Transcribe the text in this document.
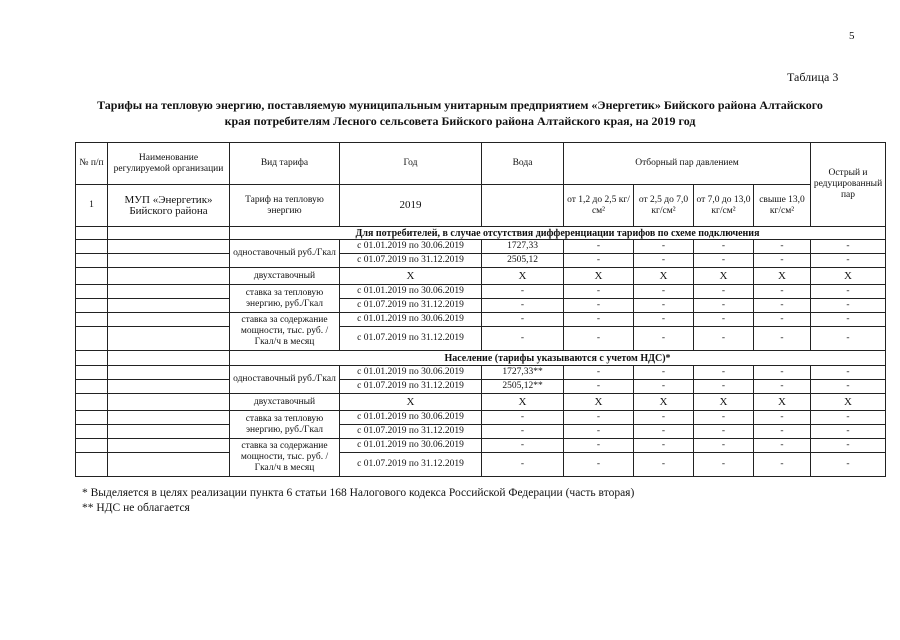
5
Таблица 3
Тарифы на тепловую энергию, поставляемую муниципальным унитарным предприятием «Энергетик» Бийского района Алтайского
края потребителям Лесного сельсовета Бийского района Алтайского края, на 2019 год
№ п/п	Наименование регулируемой организации	Вид тарифа	Год	Вода	Отборный пар давлением				Острый и редуцированный пар
1	МУП «Энергетик» Бийского района	Тариф на тепловую энергию	2019		от 1,2 до 2,5 кг/см²	от 2,5 до 7,0 кг/см²	от 7,0 до 13,0 кг/см²	свыше 13,0 кг/см²	
		Для потребителей, в случае отсутствия дифференциации тарифов по схеме подключения							
		одноставочный руб./Гкал	с 01.01.2019 по 30.06.2019	1727,33	-	-	-	-	-
			с 01.07.2019 по 31.12.2019	2505,12	-	-	-	-	-
		двухставочный	X	X	X	X	X	X	X
		ставка за тепловую энергию, руб./Гкал	с 01.01.2019 по 30.06.2019	-	-	-	-	-	-
			с 01.07.2019 по 31.12.2019	-	-	-	-	-	-
		ставка за содержание мощности, тыс. руб. /Гкал/ч в месяц	с 01.01.2019 по 30.06.2019	-	-	-	-	-	-
			с 01.07.2019 по 31.12.2019	-	-	-	-	-	-
		Население (тарифы указываются с учетом НДС)*							
		одноставочный руб./Гкал	с 01.01.2019 по 30.06.2019	1727,33**	-	-	-	-	-
			с 01.07.2019 по 31.12.2019	2505,12**	-	-	-	-	-
		двухставочный	X	X	X	X	X	X	X
		ставка за тепловую энергию, руб./Гкал	с 01.01.2019 по 30.06.2019	-	-	-	-	-	-
			с 01.07.2019 по 31.12.2019	-	-	-	-	-	-
		ставка за содержание мощности, тыс. руб. /Гкал/ч в месяц	с 01.01.2019 по 30.06.2019	-	-	-	-	-	-
			с 01.07.2019 по 31.12.2019	-	-	-	-	-	-
* Выделяется в целях реализации пункта 6 статьи 168 Налогового кодекса Российской Федерации (часть вторая)
** НДС не облагается
